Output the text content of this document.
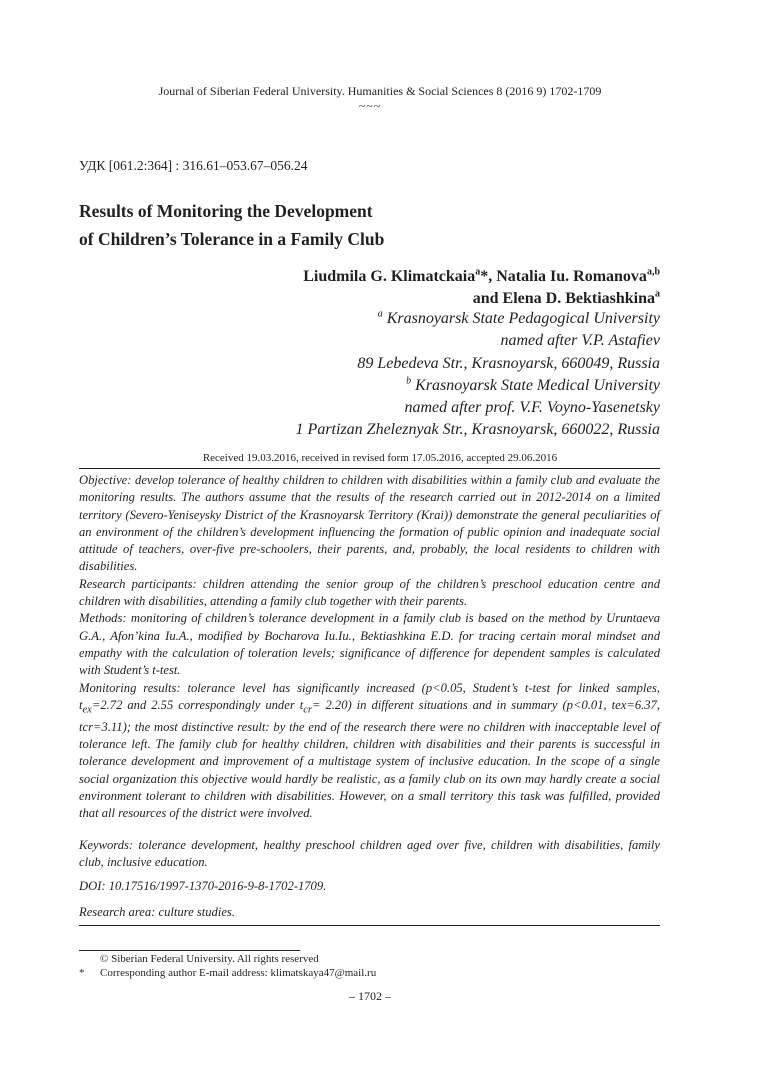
Journal of Siberian Federal University. Humanities & Social Sciences 8 (2016 9) 1702-1709
~~~
УДК [061.2:364] : 316.61–053.67–056.24
Results of Monitoring the Development
of Children’s Tolerance in a Family Club
Liudmila G. Klimatckaia$^a$*, Natalia Iu. Romanova$^{a,b}$
and Elena D. Bektiashkina$^a$
$^a$ Krasnoyarsk State Pedagogical University
named after V.P. Astafiev
89 Lebedeva Str., Krasnoyarsk, 660049, Russia
$^b$ Krasnoyarsk State Medical University
named after prof. V.F. Voyno-Yasenetsky
1 Partizan Zheleznyak Str., Krasnoyarsk, 660022, Russia
Received 19.03.2016, received in revised form 17.05.2016, accepted 29.06.2016

Objective: develop tolerance of healthy children to children with disabilities within a family club and evaluate the monitoring results. The authors assume that the results of the research carried out in 2012-2014 on a limited territory (Severo-Yeniseysky District of the Krasnoyarsk Territory (Krai)) demonstrate the general peculiarities of an environment of the children’s development influencing the formation of public opinion and inadequate social attitude of teachers, over-five pre-schoolers, their parents, and, probably, the local residents to children with disabilities.

Research participants: children attending the senior group of the children’s preschool education centre and children with disabilities, attending a family club together with their parents.

Methods: monitoring of children’s tolerance development in a family club is based on the method by Uruntaeva G.A., Afon’kina Iu.A., modified by Bocharova Iu.Iu., Bektiashkina E.D. for tracing certain moral mindset and empathy with the calculation of toleration levels; significance of difference for dependent samples is calculated with Student’s t-test.

Monitoring results: tolerance level has significantly increased (p<0.05, Student’s t-test for linked samples, $t_{ex}=2.72$ and 2.55 correspondingly under $t_{cr}= 2.20$) in different situations and in summary (p<0.01, tex=6.37, tcr=3.11); the most distinctive result: by the end of the research there were no children with inacceptable level of tolerance left. The family club for healthy children, children with disabilities and their parents is successful in tolerance development and improvement of a multistage system of inclusive education. In the scope of a single social organization this objective would hardly be realistic, as a family club on its own may hardly create a social environment tolerant to children with disabilities. However, on a small territory this task was fulfilled, provided that all resources of the district were involved.

Keywords: tolerance development, healthy preschool children aged over five, children with disabilities, family club, inclusive education.

DOI: 10.17516/1997-1370-2016-9-8-1702-1709.
Research area: culture studies.
© Siberian Federal University. All rights reserved
* Corresponding author E-mail address: klimatskaya47@mail.ru
– 1702 –
